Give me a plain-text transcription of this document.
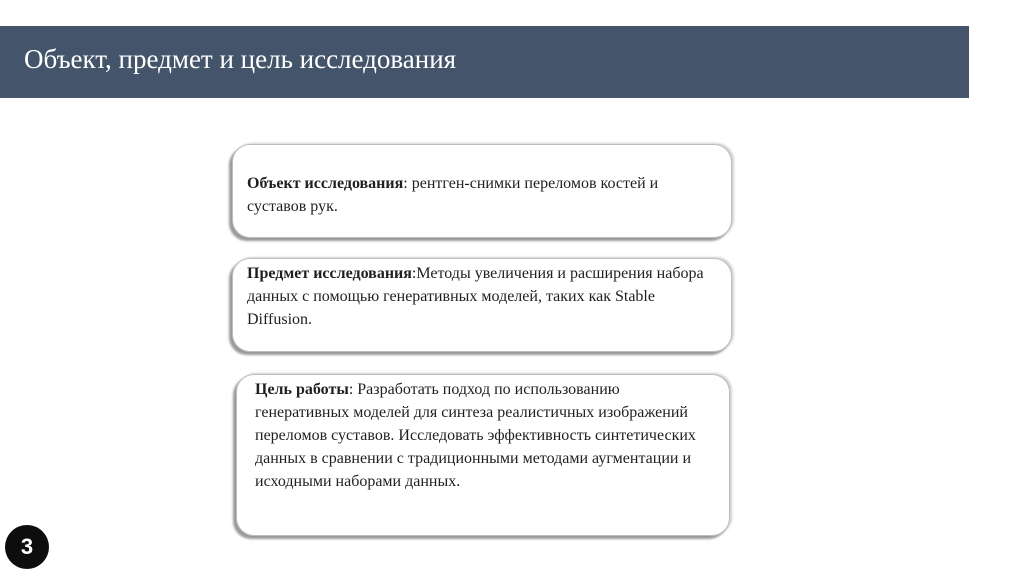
Объект, предмет и цель исследования

Объект исследования: рентген-снимки переломов костей и суставов рук.

Предмет исследования:Методы увеличения и расширения набора данных с помощью генеративных моделей, таких как Stable Diffusion.

Цель работы: Разработать подход по использованию генеративных моделей для синтеза реалистичных изображений переломов суставов. Исследовать эффективность синтетических данных в сравнении с традиционными методами аугментации и исходными наборами данных.

3
